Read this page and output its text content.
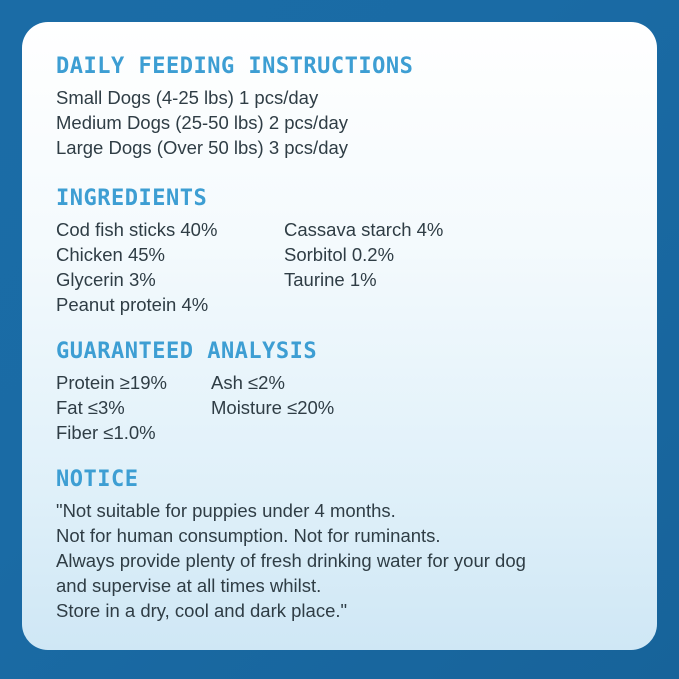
DAILY FEEDING INSTRUCTIONS
Small Dogs (4-25 lbs) 1 pcs/day
Medium Dogs (25-50 lbs) 2 pcs/day
Large Dogs (Over 50 lbs) 3 pcs/day
INGREDIENTS
Cod fish sticks 40%
Chicken 45%
Glycerin 3%
Peanut protein 4%
Cassava starch 4%
Sorbitol 0.2%
Taurine 1%
GUARANTEED ANALYSIS
Protein ≥19%
Fat ≤3%
Fiber ≤1.0%
Ash ≤2%
Moisture ≤20%
NOTICE
"Not suitable for puppies under 4 months.
Not for human consumption. Not for ruminants.
Always provide plenty of fresh drinking water for your dog
and supervise at all times whilst.
Store in a dry, cool and dark place."
